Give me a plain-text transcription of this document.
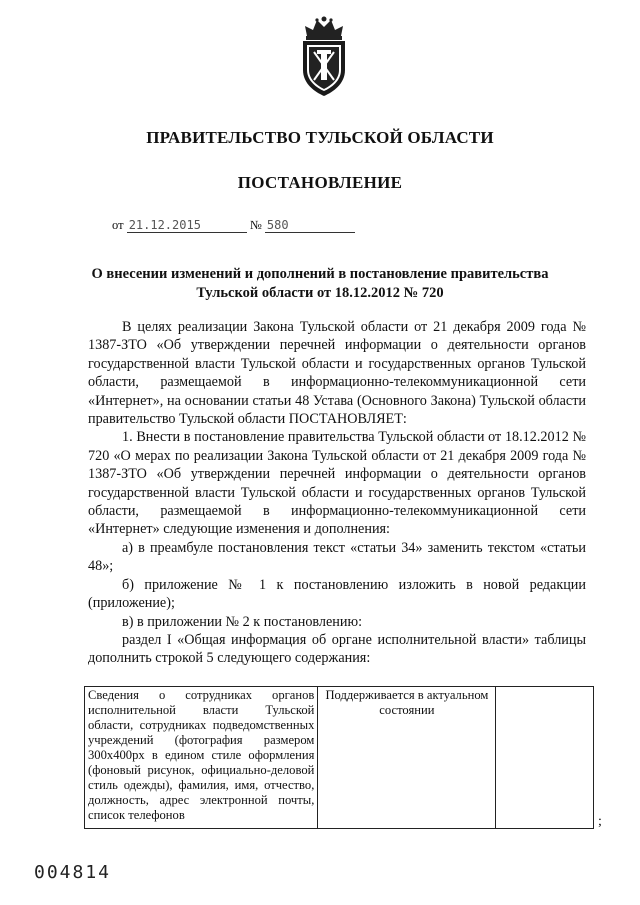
ПРАВИТЕЛЬСТВО ТУЛЬСКОЙ ОБЛАСТИ
ПОСТАНОВЛЕНИЕ
от 21.12.2015	№ 580
О внесении изменений и дополнений в постановление правительства
Тульской области от 18.12.2012 № 720

В целях реализации Закона Тульской области от 21 декабря 2009 года № 1387-ЗТО «Об утверждении перечней информации о деятельности органов государственной власти Тульской области и государственных органов Тульской области, размещаемой в информационно-телекоммуникационной сети «Интернет», на основании статьи 48 Устава (Основного Закона) Тульской области правительство Тульской области ПОСТАНОВЛЯЕТ:

1. Внести в постановление правительства Тульской области от 18.12.2012 № 720 «О мерах по реализации Закона Тульской области от 21 декабря 2009 года № 1387-ЗТО «Об утверждении перечней информации о деятельности органов государственной власти Тульской области и государственных органов Тульской области, размещаемой в информационно-телекоммуникационной сети «Интернет» следующие изменения и дополнения:

а) в преамбуле постановления текст «статьи 34» заменить текстом «статьи 48»;

б) приложение № 1 к постановлению изложить в новой редакции (приложение);

в) в приложении № 2 к постановлению:

раздел I «Общая информация об органе исполнительной власти» таблицы дополнить строкой 5 следующего содержания:

Сведения о сотрудниках органов исполнительной власти Тульской области, сотрудниках подведомственных учреждений (фотография размером 300х400рх в едином стиле оформления (фоновый рисунок, официально-деловой стиль одежды), фамилия, имя, отчество, должность, адрес электронной почты, список телефонов	Поддерживается в актуальном состоянии	
;
004814
